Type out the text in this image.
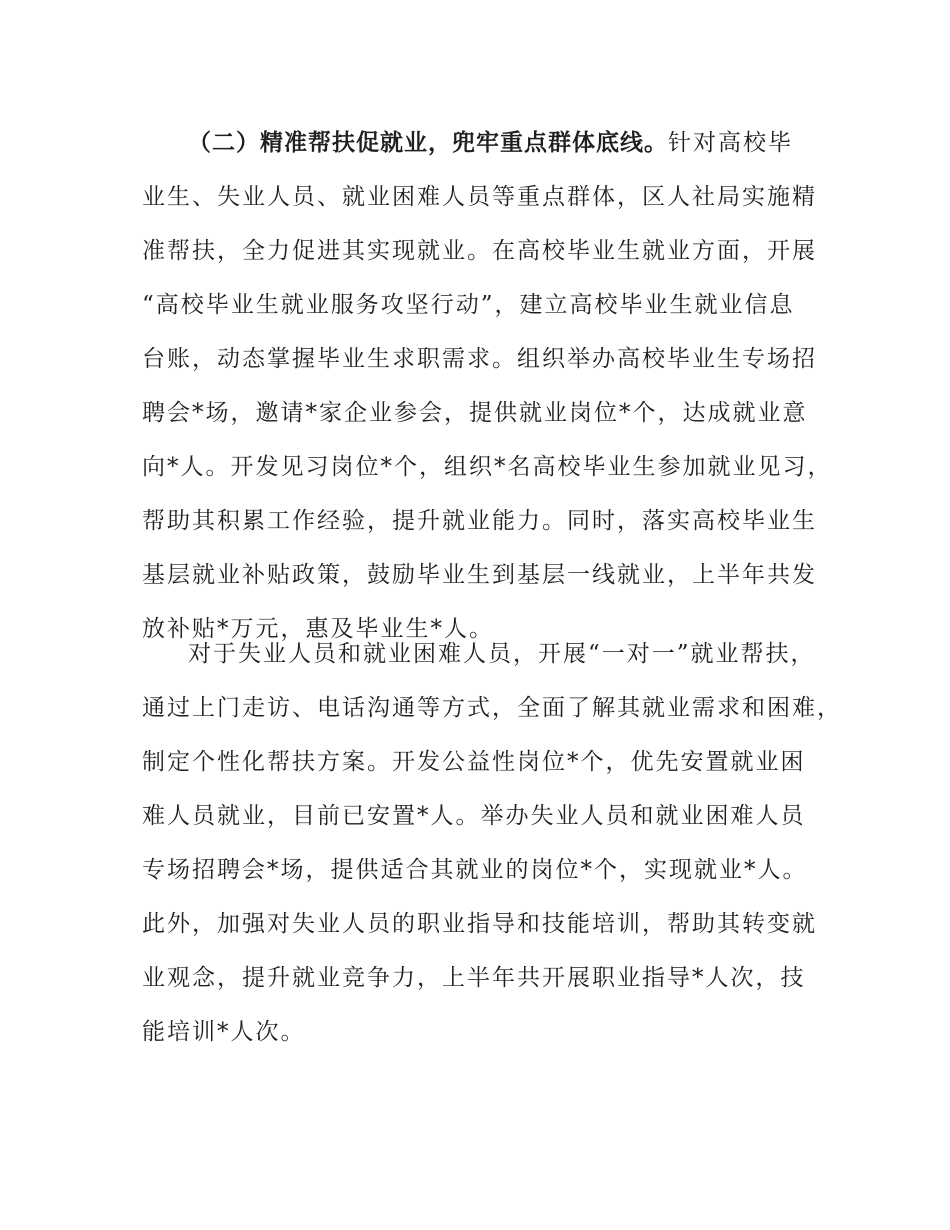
（二）精准帮扶促就业，兜牢重点群体底线。针对高校毕
业生、失业人员、就业困难人员等重点群体，区人社局实施精
准帮扶，全力促进其实现就业。在高校毕业生就业方面，开展
“高校毕业生就业服务攻坚行动”，建立高校毕业生就业信息
台账，动态掌握毕业生求职需求。组织举办高校毕业生专场招
聘会*场，邀请*家企业参会，提供就业岗位*个，达成就业意
向*人。开发见习岗位*个，组织*名高校毕业生参加就业见习，
帮助其积累工作经验，提升就业能力。同时，落实高校毕业生
基层就业补贴政策，鼓励毕业生到基层一线就业，上半年共发
放补贴*万元，惠及毕业生*人。
对于失业人员和就业困难人员，开展“一对一”就业帮扶，
通过上门走访、电话沟通等方式，全面了解其就业需求和困难，
制定个性化帮扶方案。开发公益性岗位*个，优先安置就业困
难人员就业，目前已安置*人。举办失业人员和就业困难人员
专场招聘会*场，提供适合其就业的岗位*个，实现就业*人。
此外，加强对失业人员的职业指导和技能培训，帮助其转变就
业观念，提升就业竞争力，上半年共开展职业指导*人次，技
能培训*人次。
